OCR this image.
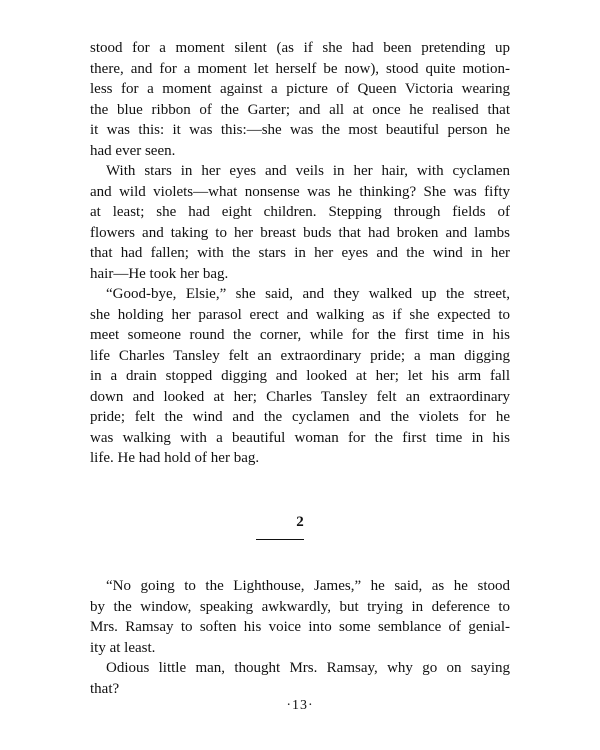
stood for a moment silent (as if she had been pretending up
there, and for a moment let herself be now), stood quite motion-
less for a moment against a picture of Queen Victoria wearing
the blue ribbon of the Garter; and all at once he realised that
it was this: it was this:—she was the most beautiful person he
had ever seen.
With stars in her eyes and veils in her hair, with cyclamen
and wild violets—what nonsense was he thinking? She was fifty
at least; she had eight children. Stepping through fields of
flowers and taking to her breast buds that had broken and lambs
that had fallen; with the stars in her eyes and the wind in her
hair—He took her bag.
“Good-bye, Elsie,” she said, and they walked up the street,
she holding her parasol erect and walking as if she expected to
meet someone round the corner, while for the first time in his
life Charles Tansley felt an extraordinary pride; a man digging
in a drain stopped digging and looked at her; let his arm fall
down and looked at her; Charles Tansley felt an extraordinary
pride; felt the wind and the cyclamen and the violets for he
was walking with a beautiful woman for the first time in his
life. He had hold of her bag.
2
“No going to the Lighthouse, James,” he said, as he stood
by the window, speaking awkwardly, but trying in deference to
Mrs. Ramsay to soften his voice into some semblance of genial-
ity at least.
Odious little man, thought Mrs. Ramsay, why go on saying
that?
·13·
